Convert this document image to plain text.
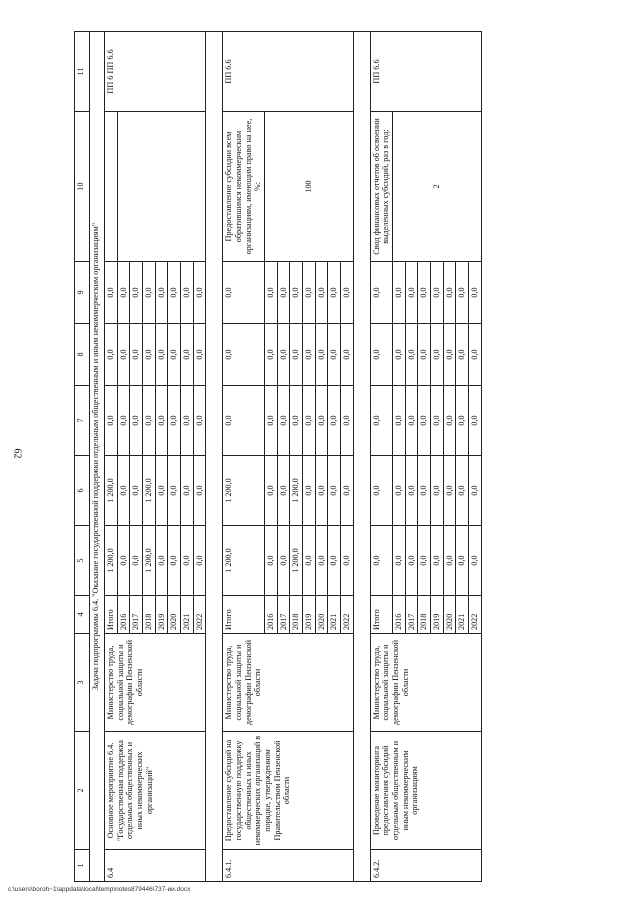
62
1	2	3	4	5	6	7	8	9	10	11
Задача подпрограммы 6.4. "Оказание государственной поддержки отдельным общественным и иным некоммерческим организациям"										
6.4	Основное мероприятие 6.4. "Государственная поддержка отдельных общественных и иных некоммерческих организаций"	Министерство труда, социальной защиты и демографии Пензенской области	Итого	1 200,0	1 200,0	0,0	0,0	0,0		ПП 6 ПП 6.6
			2016	0,0	0,0	0,0	0,0	0,0		
			2017	0,0	0,0	0,0	0,0	0,0		
			2018	1 200,0	1 200,0	0,0	0,0	0,0		
			2019	0,0	0,0	0,0	0,0	0,0		
			2020	0,0	0,0	0,0	0,0	0,0		
			2021	0,0	0,0	0,0	0,0	0,0		
			2022	0,0	0,0	0,0	0,0	0,0		

6.4.1.	Предоставление субсидий на государственную поддержку общественных и иных некоммерческих организаций в порядке, утвержденном Правительством Пензенской области	Министерство труда, социальной защиты и демографии Пензенской области	Итого	1 200,0	1 200,0	0,0	0,0	0,0	Предоставление субсидии всем обратившимся некоммерческим организациям, имеющим право на нее, %:	ПП 6.6
			2016	0,0	0,0	0,0	0,0	0,0	100	
			2017	0,0	0,0	0,0	0,0	0,0		
			2018	1 200,0	1 200,0	0,0	0,0	0,0		
			2019	0,0	0,0	0,0	0,0	0,0		
			2020	0,0	0,0	0,0	0,0	0,0		
			2021	0,0	0,0	0,0	0,0	0,0		
			2022	0,0	0,0	0,0	0,0	0,0		

6.4.2.	Проведение мониторинга предоставления субсидий отдельным общественным и иным некоммерческим организациям	Министерство труда, социальной защиты и демографии Пензенской области	Итого	0,0	0,0	0,0	0,0	0,0	Свод финансовых отчетов об освоении выделенных субсидий, раз в год:	ПП 6.6
			2016	0,0	0,0	0,0	0,0	0,0	2	
			2017	0,0	0,0	0,0	0,0	0,0		
			2018	0,0	0,0	0,0	0,0	0,0		
			2019	0,0	0,0	0,0	0,0	0,0		
			2020	0,0	0,0	0,0	0,0	0,0		
			2021	0,0	0,0	0,0	0,0	0,0		
			2022	0,0	0,0	0,0	0,0	0,0		
c:\users\boroh~1\appdata\local\temp\notes879446\737-ии.docx
